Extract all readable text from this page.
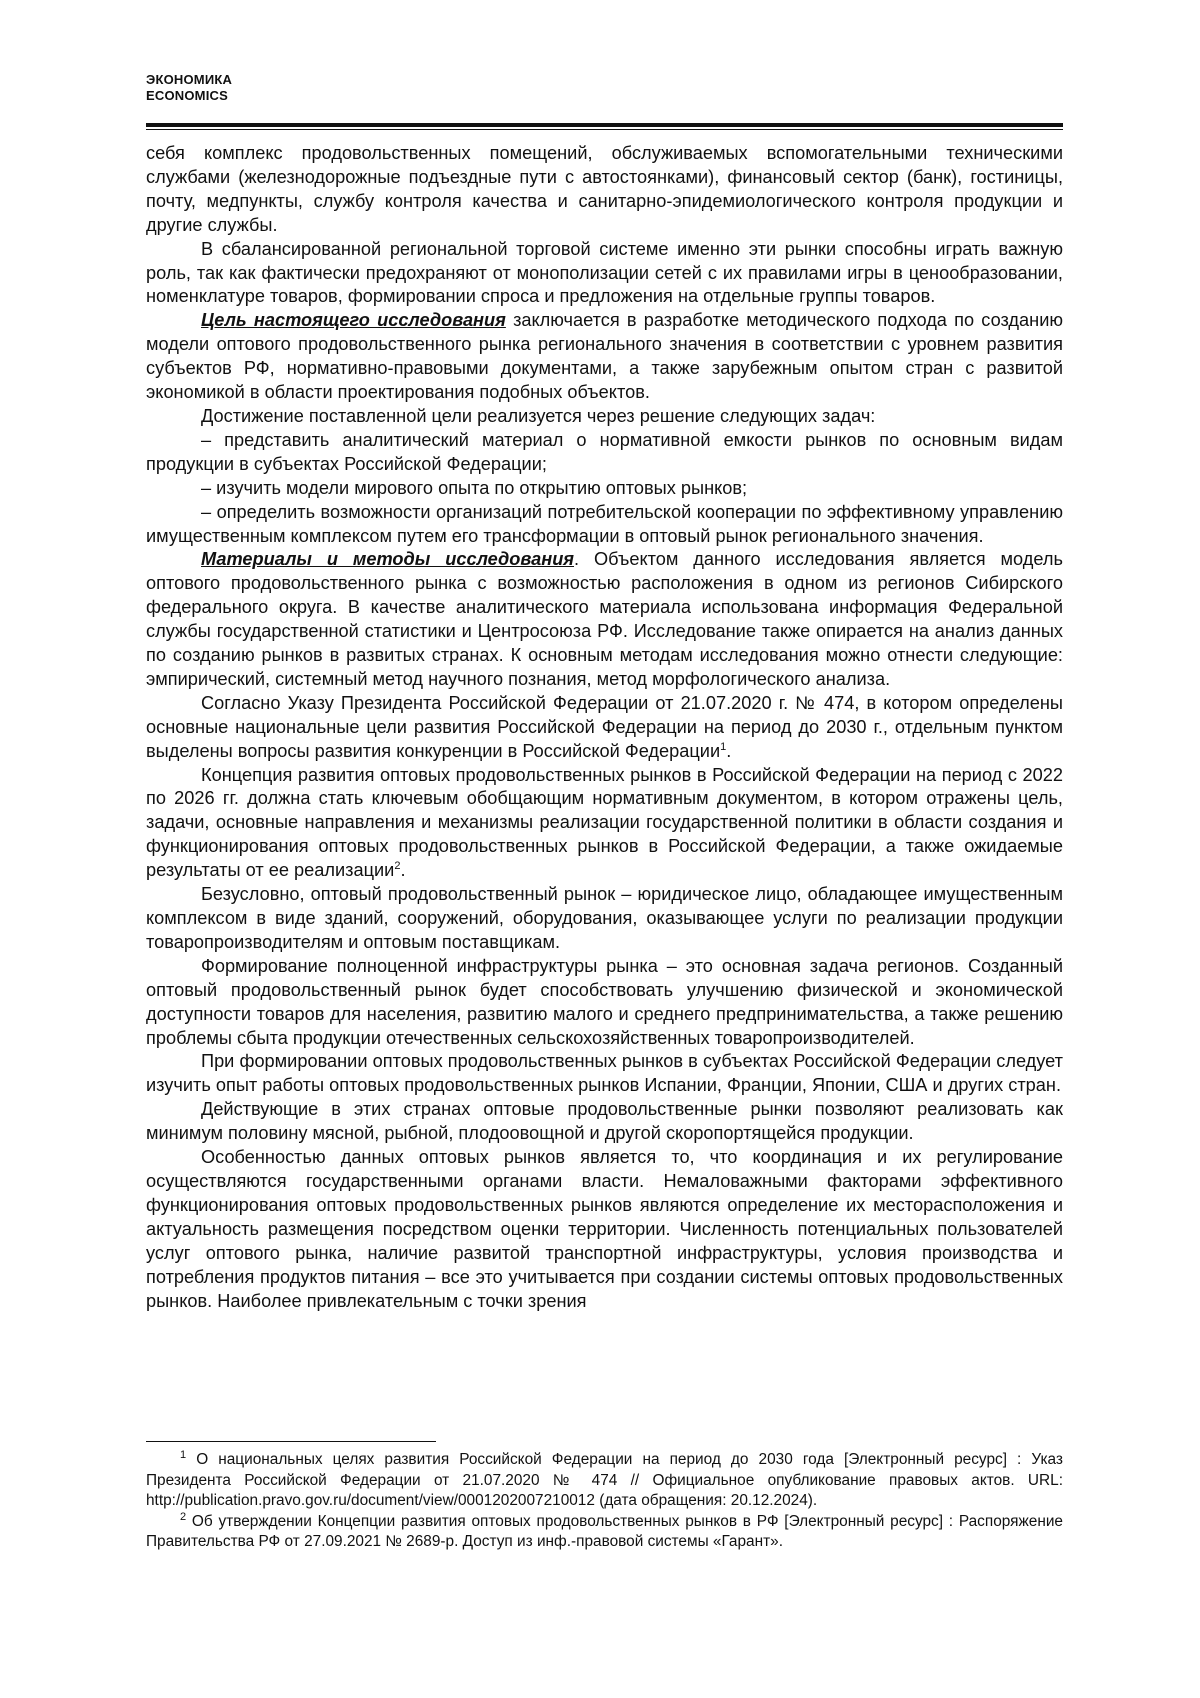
ЭКОНОМИКА
ECONOMICS

себя комплекс продовольственных помещений, обслуживаемых вспомогательными техническими службами (железнодорожные подъездные пути с автостоянками), финансовый сектор (банк), гостиницы, почту, медпункты, службу контроля качества и санитарно-эпидемиологического контроля продукции и другие службы.

В сбалансированной региональной торговой системе именно эти рынки способны играть важную роль, так как фактически предохраняют от монополизации сетей с их правилами игры в ценообразовании, номенклатуре товаров, формировании спроса и предложения на отдельные группы товаров.

Цель настоящего исследования заключается в разработке методического подхода по созданию модели оптового продовольственного рынка регионального значения в соответствии с уровнем развития субъектов РФ, нормативно-правовыми документами, а также зарубежным опытом стран с развитой экономикой в области проектирования подобных объектов.

Достижение поставленной цели реализуется через решение следующих задач:

– представить аналитический материал о нормативной емкости рынков по основным видам продукции в субъектах Российской Федерации;

– изучить модели мирового опыта по открытию оптовых рынков;

– определить возможности организаций потребительской кооперации по эффективному управлению имущественным комплексом путем его трансформации в оптовый рынок регионального значения.

Материалы и методы исследования. Объектом данного исследования является модель оптового продовольственного рынка с возможностью расположения в одном из регионов Сибирского федерального округа. В качестве аналитического материала использована информация Федеральной службы государственной статистики и Центросоюза РФ. Исследование также опирается на анализ данных по созданию рынков в развитых странах. К основным методам исследования можно отнести следующие: эмпирический, системный метод научного познания, метод морфологического анализа.

Согласно Указу Президента Российской Федерации от 21.07.2020 г. № 474, в котором определены основные национальные цели развития Российской Федерации на период до 2030 г., отдельным пунктом выделены вопросы развития конкуренции в Российской Федерации$^1$.

Концепция развития оптовых продовольственных рынков в Российской Федерации на период с 2022 по 2026 гг. должна стать ключевым обобщающим нормативным документом, в котором отражены цель, задачи, основные направления и механизмы реализации государственной политики в области создания и функционирования оптовых продовольственных рынков в Российской Федерации, а также ожидаемые результаты от ее реализации$^2$.

Безусловно, оптовый продовольственный рынок – юридическое лицо, обладающее имущественным комплексом в виде зданий, сооружений, оборудования, оказывающее услуги по реализации продукции товаропроизводителям и оптовым поставщикам.

Формирование полноценной инфраструктуры рынка – это основная задача регионов. Созданный оптовый продовольственный рынок будет способствовать улучшению физической и экономической доступности товаров для населения, развитию малого и среднего предпринимательства, а также решению проблемы сбыта продукции отечественных сельскохозяйственных товаропроизводителей.

При формировании оптовых продовольственных рынков в субъектах Российской Федерации следует изучить опыт работы оптовых продовольственных рынков Испании, Франции, Японии, США и других стран.

Действующие в этих странах оптовые продовольственные рынки позволяют реализовать как минимум половину мясной, рыбной, плодоовощной и другой скоропортящейся продукции.

Особенностью данных оптовых рынков является то, что координация и их регулирование осуществляются государственными органами власти. Немаловажными факторами эффективного функционирования оптовых продовольственных рынков являются определение их месторасположения и актуальность размещения посредством оценки территории. Численность потенциальных пользователей услуг оптового рынка, наличие развитой транспортной инфраструктуры, условия производства и потребления продуктов питания – все это учитывается при создании системы оптовых продовольственных рынков. Наиболее привлекательным с точки зрения

$^1$ О национальных целях развития Российской Федерации на период до 2030 года [Электронный ресурс] : Указ Президента Российской Федерации от 21.07.2020 № 474 // Официальное опубликование правовых актов. URL: http://publication.pravo.gov.ru/document/view/0001202007210012 (дата обращения: 20.12.2024).

$^2$ Об утверждении Концепции развития оптовых продовольственных рынков в РФ [Электронный ресурс] : Распоряжение Правительства РФ от 27.09.2021 № 2689-р. Доступ из инф.-правовой системы «Гарант».
